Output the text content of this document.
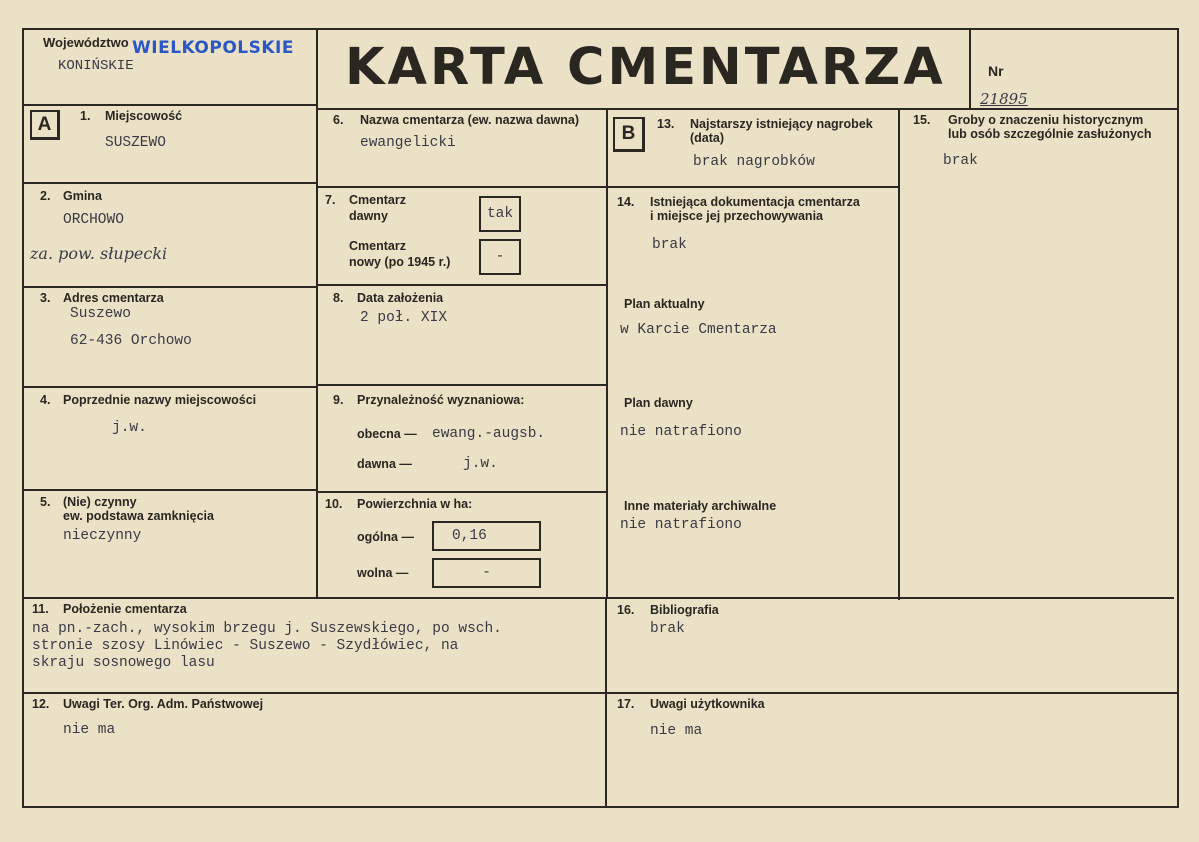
Województwo WIELKOPOLSKIE
KONIŃSKIE	KARTA CMENTARZA	Nr
21895
A	1. Miejscowość
SUSZEWO
2. Gmina
ORCHOWO
za. pow. słupecki
3. Adres cmentarza
Suszewo
62-436 Orchowo
4. Poprzednie nazwy miejscowości
j.w.
5. (Nie) czynny
ew. podstawa zamknięcia
nieczynny
6. Nazwa cmentarza (ew. nazwa dawna)
ewangelicki
7. Cmentarz
dawny	tak
Cmentarz
nowy (po 1945 r.)	-
8. Data założenia
2 poł. XIX
9. Przynależność wyznaniowa:
obecna — ewang.-augsb.
dawna —	j.w.
10. Powierzchnia w ha:
ogólna —	0,16
wolna —	-
B	13. Najstarszy istniejący nagrobek
(data)
brak nagrobków
14. Istniejąca dokumentacja cmentarza
i miejsce jej przechowywania
brak
Plan aktualny
w Karcie Cmentarza
Plan dawny
nie natrafiono
Inne materiały archiwalne
nie natrafiono
15. Groby o znaczeniu historycznym
lub osób szczególnie zasłużonych
brak
11. Położenie cmentarza
na pn.-zach., wysokim brzegu j. Suszewskiego, po wsch.
stronie szosy Linówiec - Suszewo - Szydłówiec, na
skraju sosnowego lasu
16. Bibliografia
brak
12. Uwagi Ter. Org. Adm. Państwowej
nie ma
17. Uwagi użytkownika
nie ma
